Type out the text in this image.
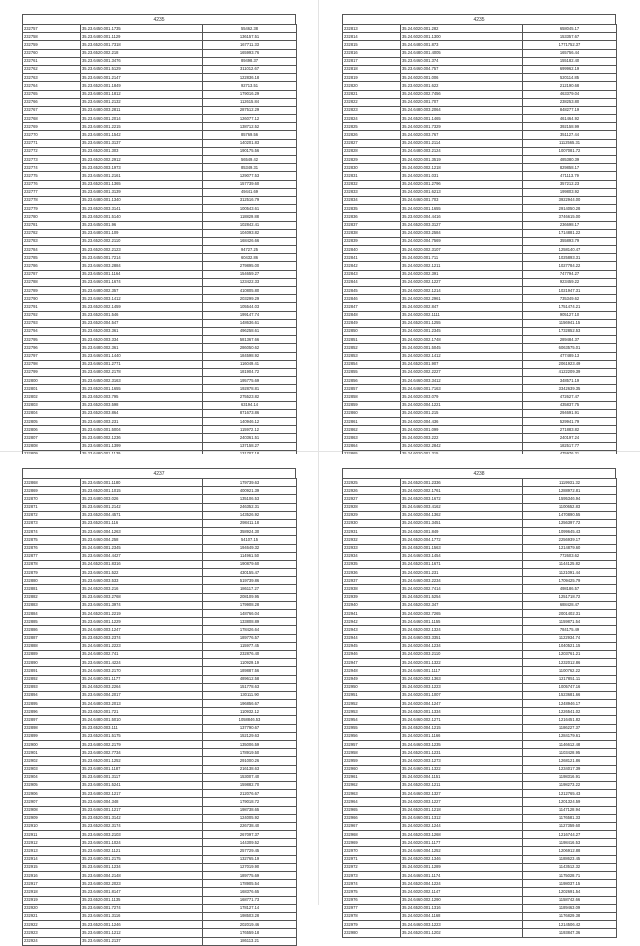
4235
232757	35.23.6450.001.1735	55462.38
232758	35.23.6480.001.1129	136157.51
232759	35.23.6520.001.7318	167711.33
232760	35.23.6520.002.218	165993.76
232761	35.23.6460.001.3476	89498.37
232762	35.23.6450.001.5129	311012.67
232763	35.23.6460.001.2147	122836.18
232764	35.23.6520.001.1849	92713.51
232765	35.23.6480.001.1812	179016.29
232766	35.23.6460.001.2132	112615.84
232767	35.23.6480.003.2811	287512.29
232768	35.23.6460.001.2014	126077.12
232769	35.23.6480.001.2215	138712.52
232770	35.23.6480.001.1542	85769.56
232771	35.23.6460.001.3137	140201.83
232772	35.23.6520.001.303	190175.56
232773	35.23.6520.002.2912	56549.42
232774	35.23.6520.003.1973	85349.31
232775	35.23.6450.001.2161	129077.53
232776	35.23.6520.001.1365	157739.60
232777	35.23.6480.001.3139	49441.69
232778	35.23.6480.001.1340	312516.79
232779	35.23.6520.003.3141	100543.61
232780	35.23.6520.001.5140	118829.88
232781	35.23.6450.001.96	102842.41
232782	35.23.6480.001.109	104093.82
232783	35.23.6520.002.2110	168426.66
232784	35.23.6520.002.2123	94727.25
232785	35.23.6450.001.7214	60432.86
232786	35.23.6460.003.2884	279895.00
232787	35.23.6450.001.1164	154659.27
232788	35.23.6460.001.1674	123422.33
232789	35.23.6480.002.357	410805.80
232790	35.23.6460.003.1412	203299.29
232791	35.23.6520.002.1459	105544.03
232792	35.23.6520.001.546	199147.74
232793	35.23.6520.004.547	148636.61
232794	35.23.6520.003.361	496258.61
232795	35.23.6520.003.334	581367.66
232796	35.23.6480.002.361	286050.62
232797	35.23.6460.001.1440	184598.92
232798	35.23.6460.001.2771	116049.41
232799	35.23.6480.002.2178	181904.72
232800	35.23.6450.002.3163	195775.69
232801	35.23.6520.001.1655	192878.81
232802	35.23.6520.003.795	275523.82
232803	35.23.6520.003.598	63194.14
232804	35.23.6520.003.864	871673.86
232805	35.23.6480.003.231	140946.12
232806	35.23.6450.001.5004	115972.12
232807	35.23.6480.002.1236	240361.51
232808	35.23.6480.001.1399	137158.27

4235
232813	35.24.6020.001.282	658045.17
232814	35.24.6020.001.1300	153357.67
232815	35.24.6480.001.873	1771752.37
232816	35.24.6480.001.4005	165756.44
232817	35.23.6460.001.374	155182.40
232818	35.23.6460.004.757	699962.19
232819	35.24.6020.001.006	520114.85
232820	35.23.6020.001.622	212190.68
232821	35.24.6020.002.7456	463379.04
232822	35.24.6020.001.707	238253.80
232823	35.24.6480.003.2064	848277.19
232824	35.24.6520.001.1465	461464.92
232825	35.24.6020.001.7329	392158.99
232826	35.24.6020.003.767	351127.44
232827	35.24.6020.001.2114	1112565.31
232828	35.24.6480.003.2124	1007081.72
232829	35.24.6020.001.3519	485380.39
232830	35.24.6020.002.1218	829858.17
232831	35.24.6020.001.031	471113.79
232832	35.24.6020.001.2796	357212.23
232833	35.24.6020.001.6213	199803.92
232834	35.24.6460.001.703	3922944.00
232835	35.24.6020.001.1655	2914050.28
232836	35.23.6020.004.4416	3746615.00
232837	35.24.6520.003.3127	236698.17
232838	35.24.6020.003.2584	1714881.22
232839	35.24.6020.004.7569	355893.79
232840	35.24.6020.002.3107	1258140.47
232841	35.24.6020.001.711	1025893.31
232842	35.24.6020.002.1211	1027784.22
232843	35.24.6020.002.391	747794.27
232844	35.24.6020.002.1227	923459.22
232845	35.24.6020.002.1214	1021947.31
232846	35.24.6020.002.2961	735349.62
232847	35.24.6020.002.847	1751474.21
232848	35.24.6020.002.1111	905127.10
232849	35.24.6520.001.1255	1156941.15
232850	35.24.6020.001.2345	1732852.53
232851	35.24.6020.002.1748	289484.37
232852	35.24.6020.001.5045	6063575.01
232853	35.24.6020.002.1412	477489.13
232854	35.24.6520.001.907	2061923.49
232855	35.24.6020.002.2227	4122209.39
232856	35.24.6460.003.3412	348571.19
232857	35.24.6460.001.7163	3342639.35
232858	35.24.6020.003.079	472627.47
232859	35.24.6020.004.1221	435837.75
232860	35.24.6020.001.215	294691.91
232861	35.24.6020.004.436	529941.79
232862	35.24.6020.001.099	271883.82
232863	35.24.6020.003.222	240197.24
232864	35.24.6020.002.2842	182517.77

4237
232868	35.23.6450.001.1180	179739.63
232869	35.23.6520.001.1015	400921.39
232870	35.23.6480.003.026	135106.53
232871	35.23.6460.001.2142	246352.31
232872	35.23.6520.004.4571	143526.92
232873	35.23.6520.001.116	298411.18
232874	35.23.6460.004.1263	358924.30
232875	35.23.6460.004.258	54107.15
232876	35.24.6480.001.2345	194649.32
232877	35.23.6460.004.4427	114961.50
232878	35.24.6520.001.8316	190879.60
232879	35.23.6460.001.522	430155.47
232880	35.23.6460.003.533	519739.86
232881	35.24.6520.003.216	186117.27
232882	35.23.6460.003.2768	208109.95
232883	35.23.6460.001.3974	179908.28
232884	35.24.6520.001.2219	148766.04
232885	35.23.6460.001.1229	133808.89
232886	35.24.6480.003.1247	178426.64
232887	35.23.6520.003.2374	189776.57
232888	35.24.6480.001.2223	115977.45
232889	35.24.6480.002.741	232876.40
232890	35.23.6460.001.4224	110929.19
232891	35.24.6460.003.2170	189887.56
232892	35.24.6480.001.1177	489612.58
232893	35.24.6520.003.2264	151778.63
232894	35.23.6460.004.2017	130111.90
232895	35.24.6480.003.2013	196856.67
232896	35.23.6520.001.721	110932.12
232897	35.24.6480.001.5010	1058846.53
232898	35.23.6520.003.111	137790.67
232899	35.23.6520.001.5175	152129.63
232900	35.23.6480.002.2179	135006.59
232901	35.23.6480.002.7734	178919.50
232902	35.23.6520.001.1252	291000.26
232903	35.23.6480.001.1187	216138.63
232904	35.23.6480.001.3117	153007.40
232905	35.23.6480.001.5241	159882.70
232906	35.23.6480.002.1217	212076.67
232907	35.23.6460.004.348	179018.72
232908	35.23.6460.001.1217	198738.65
232909	35.23.6520.001.3142	124005.92
232910	35.23.6520.002.3174	226738.40
232911	35.23.6460.003.2103	267097.37
232912	35.23.6460.001.1024	144309.52
232913	35.23.6450.002.1121	257729.45
232914	35.23.6480.001.2175	132765.19
232915	35.23.6460.001.1234	127019.90
232916	35.23.6480.004.2148	189775.69
232917	35.23.6480.002.2023	178905.54
232918	35.23.6460.001.8147	168376.65
232919	35.23.6520.001.1135	168771.73
232920	35.23.6460.001.7274	178127.14
232921	35.23.6460.001.3116	198503.28
232922	35.23.6520.001.1246	202019.46
232923	35.23.6480.001.1212	176559.18
232924	35.23.6460.001.2137	186113.21
4238
232925	35.24.6520.001.2336	1119931.32
232926	35.24.6020.002.1761	1288972.81
232927	35.24.6520.003.1672	1595346.94
232928	35.24.6460.003.4162	1100652.83
232929	35.24.6020.004.1362	1470890.55
232930	35.24.6020.001.3451	1256397.72
232931	35.24.6520.001.849	1099645.43
232932	35.24.6520.004.1772	2256939.17
232933	35.24.6520.001.1563	1214879.60
232934	35.24.6460.003.1454	772603.62
232935	35.24.6520.001.1671	1144125.82
232936	35.24.6020.001.231	1121091.44
232937	35.24.6460.003.2234	1709425.79
232938	35.24.6020.002.7414	498186.57
232939	35.24.6520.001.5254	1251718.72
232940	35.24.6520.002.347	688428.47
232941	35.24.6020.002.7265	2001402.31
232942	35.24.6460.001.1155	1159871.54
232943	35.24.6520.002.1324	784175.49
232944	35.24.6460.003.3351	1122934.74
232945	35.24.6020.004.1234	1040521.15
232946	35.24.6020.003.2110	1203761.21
232947	35.24.6020.001.1322	1232012.86
232948	35.24.6460.001.1117	1100762.22
232949	35.24.6520.002.1363	1217851.11
232950	35.24.6020.003.1223	1005747.16
232951	35.24.6020.001.1007	1523681.66
232952	35.24.6020.004.1247	1248946.17
232953	35.24.6520.001.1334	1226541.02
232954	35.24.6460.002.1271	1216451.82
232955	35.24.6520.004.1215	1186227.37
232956	35.24.6020.001.1166	1284179.61
232957	35.24.6460.003.1235	1146612.48
232958	35.24.6520.001.1231	1103428.95
232959	35.24.6020.003.1273	1268121.86
232960	35.24.6460.001.1322	1234017.39
232961	35.24.6020.004.1151	1198316.91
232962	35.24.6520.002.1211	1198273.22
232963	35.24.6460.002.1327	1212765.43
232964	35.24.6020.003.1227	1201324.59
232965	35.24.6520.001.1218	1147128.94
232966	35.24.6460.001.1312	1176581.33
232967	35.24.6020.002.1244	1127359.60
232968	35.24.6520.003.1268	1216744.27
232969	35.24.6020.001.1177	1198416.53
232970	35.24.6460.004.1252	1206912.88
232971	35.24.6520.002.1346	1188623.45
232972	35.24.6020.001.1289	1143512.32
232973	35.24.6460.001.1174	1175028.71
232974	35.24.6520.004.1224	1198037.15
232975	35.24.6020.002.1147	1202691.54
232976	35.24.6460.002.1290	1158742.66
232977	35.24.6520.001.1316	1189463.09
232978	35.24.6020.004.1168	1176829.38
232979	35.24.6460.003.1223	1214506.42
232980	35.24.6520.001.1202	1193847.36
